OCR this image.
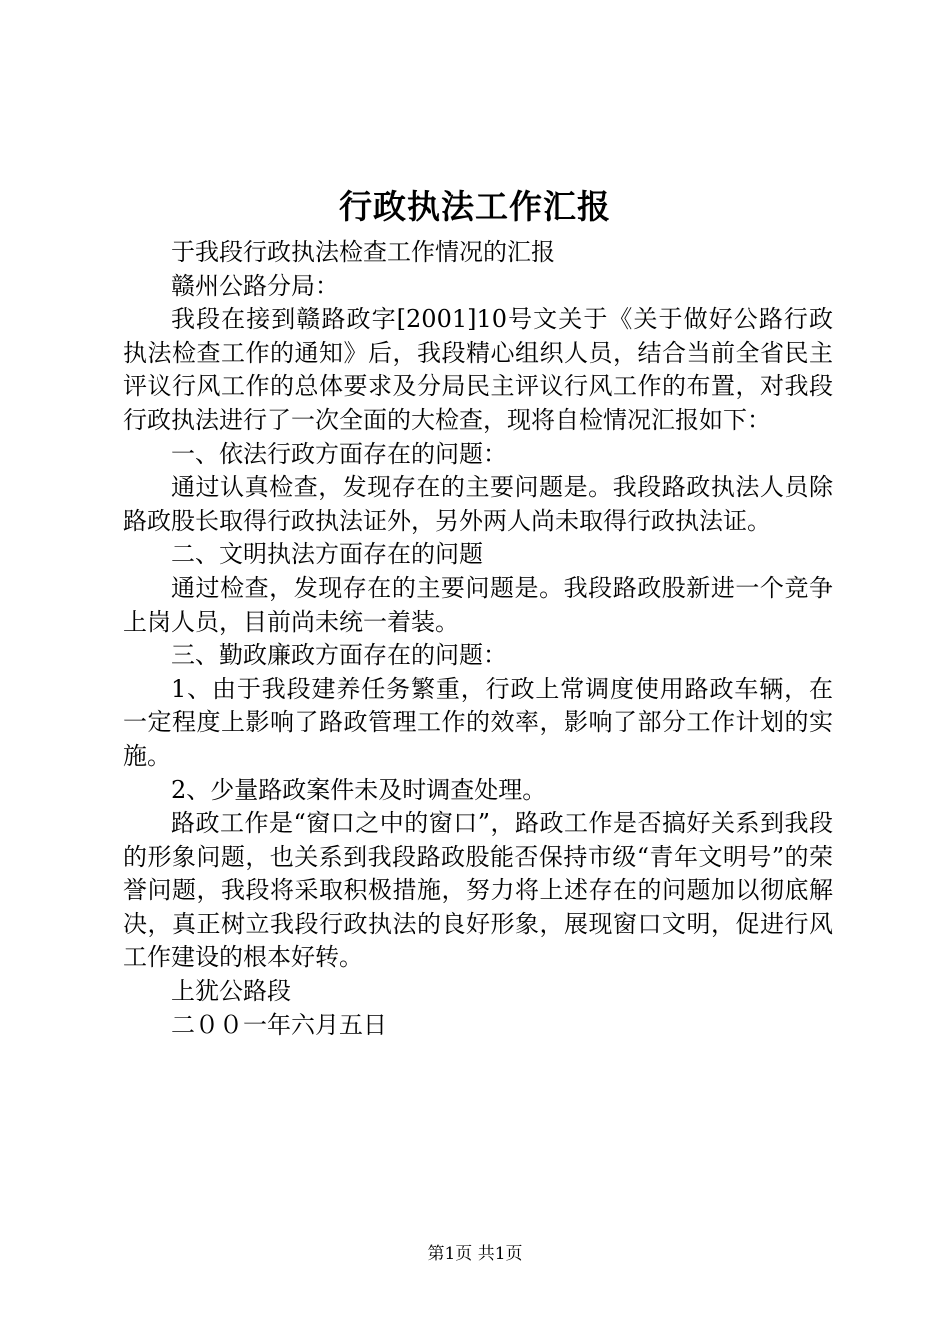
行政执法工作汇报

于我段行政执法检查工作情况的汇报

赣州公路分局：

我段在接到赣路政字[2001]10号文关于《关于做好公路行政执法检查工作的通知》后，我段精心组织人员，结合当前全省民主评议行风工作的总体要求及分局民主评议行风工作的布置，对我段行政执法进行了一次全面的大检查，现将自检情况汇报如下：

一、依法行政方面存在的问题：

通过认真检查，发现存在的主要问题是。我段路政执法人员除路政股长取得行政执法证外，另外两人尚未取得行政执法证。

二、文明执法方面存在的问题

通过检查，发现存在的主要问题是。我段路政股新进一个竞争上岗人员，目前尚未统一着装。

三、勤政廉政方面存在的问题：

1、由于我段建养任务繁重，行政上常调度使用路政车辆，在一定程度上影响了路政管理工作的效率，影响了部分工作计划的实施。

2、少量路政案件未及时调查处理。

路政工作是“窗口之中的窗口”，路政工作是否搞好关系到我段的形象问题，也关系到我段路政股能否保持市级“青年文明号”的荣誉问题，我段将采取积极措施，努力将上述存在的问题加以彻底解决，真正树立我段行政执法的良好形象，展现窗口文明，促进行风工作建设的根本好转。

上犹公路段

二００一年六月五日

第1页 共1页
